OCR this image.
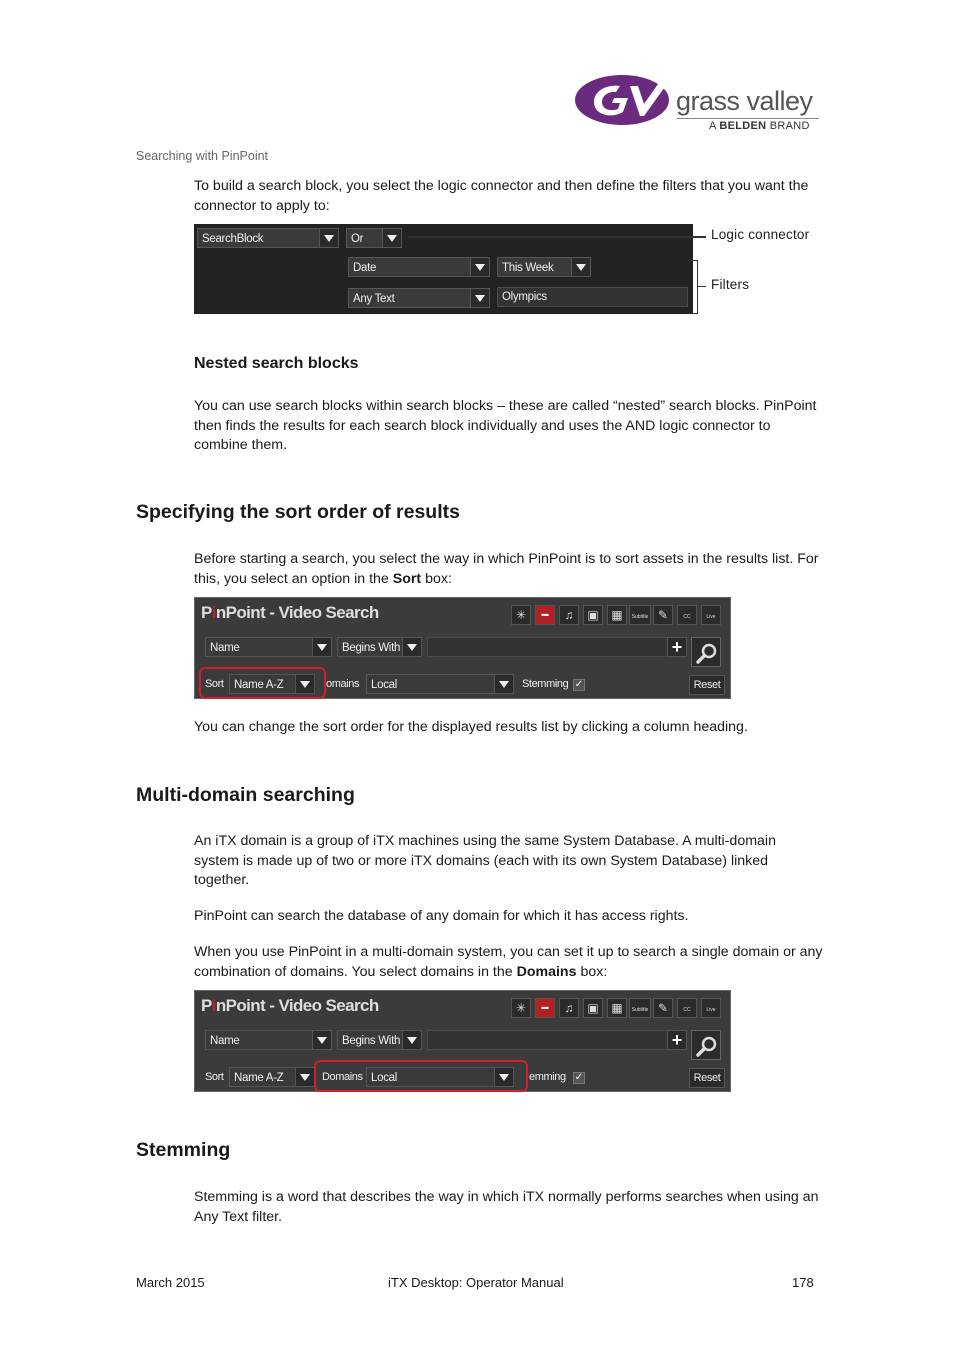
grass valley
A BELDEN BRAND
Searching with PinPoint
To build a search block, you select the logic connector and then define the filters that you want the connector to apply to:
SearchBlock	Or
Date	This Week
Any Text	Olympics
Logic connector
Filters
Nested search blocks
You can use search blocks within search blocks – these are called “nested” search blocks. PinPoint then finds the results for each search block individually and uses the AND logic connector to combine them.
Specifying the sort order of results
Before starting a search, you select the way in which PinPoint is to sort assets in the results list. For this, you select an option in the Sort box:
PinPoint - Video Search	✳	▬	♫	▣	▦	Subtitle ✎	CC	Live
Name	Begins With	+
Sort Name A-Z	omains	Local	Stemming ✓	Reset
You can change the sort order for the displayed results list by clicking a column heading.
Multi-domain searching
An iTX domain is a group of iTX machines using the same System Database. A multi-domain system is made up of two or more iTX domains (each with its own System Database) linked together.
PinPoint can search the database of any domain for which it has access rights.
When you use PinPoint in a multi-domain system, you can set it up to search a single domain or any combination of domains. You select domains in the Domains box:
PinPoint - Video Search	✳	▬	♫	▣	▦	Subtitle ✎	CC	Live
Name	Begins With	+
Sort Name A-Z	Domains Local	emming ✓	Reset
Stemming
Stemming is a word that describes the way in which iTX normally performs searches when using an Any Text filter.
March 2015	iTX Desktop: Operator Manual	178
